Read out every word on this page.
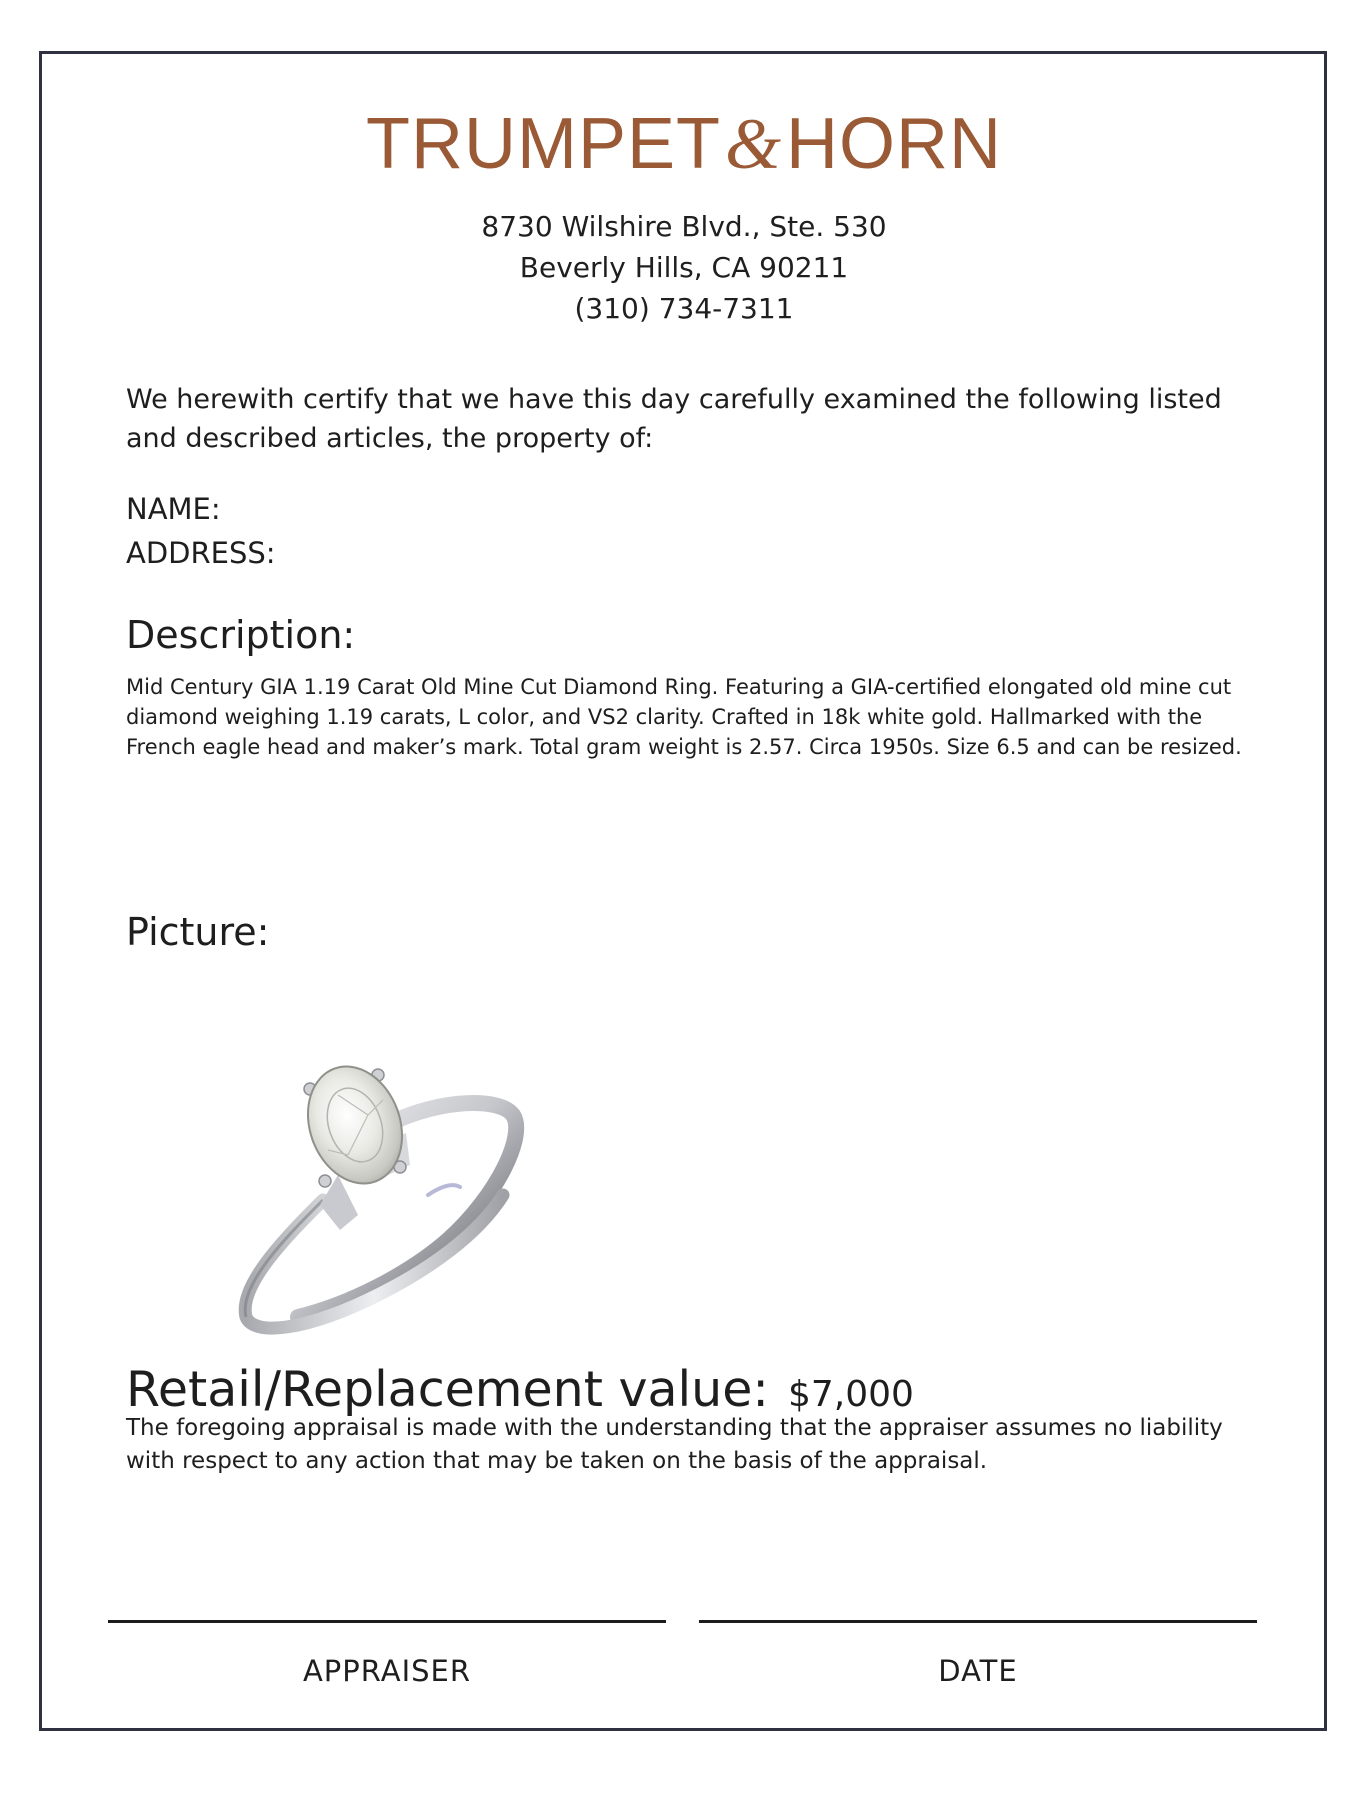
TRUMPET&HORN
8730 Wilshire Blvd., Ste. 530
Beverly Hills, CA 90211
(310) 734-7311
We herewith certify that we have this day carefully examined the following listed and described articles, the property of:
NAME:
ADDRESS:
Description:
Mid Century GIA 1.19 Carat Old Mine Cut Diamond Ring. Featuring a GIA-certified elongated old mine cut diamond weighing 1.19 carats, L color, and VS2 clarity. Crafted in 18k white gold. Hallmarked with the French eagle head and maker’s mark. Total gram weight is 2.57. Circa 1950s. Size 6.5 and can be resized.
Picture:
Retail/Replacement value: $7,000
The foregoing appraisal is made with the understanding that the appraiser assumes no liability with respect to any action that may be taken on the basis of the appraisal.
APPRAISER	DATE
